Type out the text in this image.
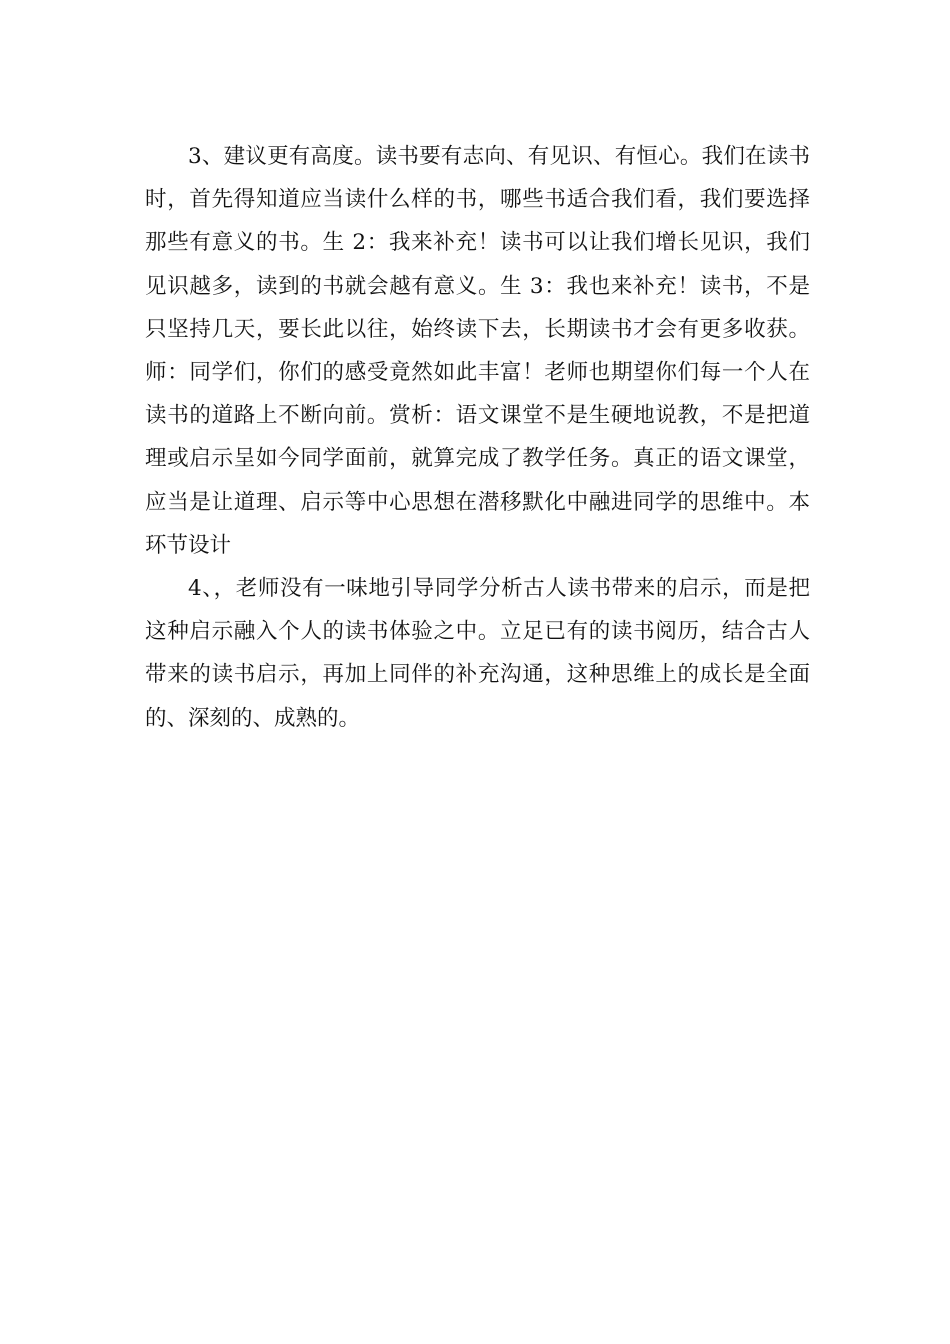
3、建议更有高度。读书要有志向、有见识、有恒心。我们在读书时，首先得知道应当读什么样的书，哪些书适合我们看，我们要选择那些有意义的书。生 2：我来补充！读书可以让我们增长见识，我们见识越多，读到的书就会越有意义。生 3：我也来补充！读书，不是只坚持几天，要长此以往，始终读下去，长期读书才会有更多收获。师：同学们，你们的感受竟然如此丰富！老师也期望你们每一个人在读书的道路上不断向前。赏析：语文课堂不是生硬地说教，不是把道理或启示呈如今同学面前，就算完成了教学任务。真正的语文课堂，应当是让道理、启示等中心思想在潜移默化中融进同学的思维中。本环节设计

4、，老师没有一味地引导同学分析古人读书带来的启示，而是把这种启示融入个人的读书体验之中。立足已有的读书阅历，结合古人带来的读书启示，再加上同伴的补充沟通，这种思维上的成长是全面的、深刻的、成熟的。
